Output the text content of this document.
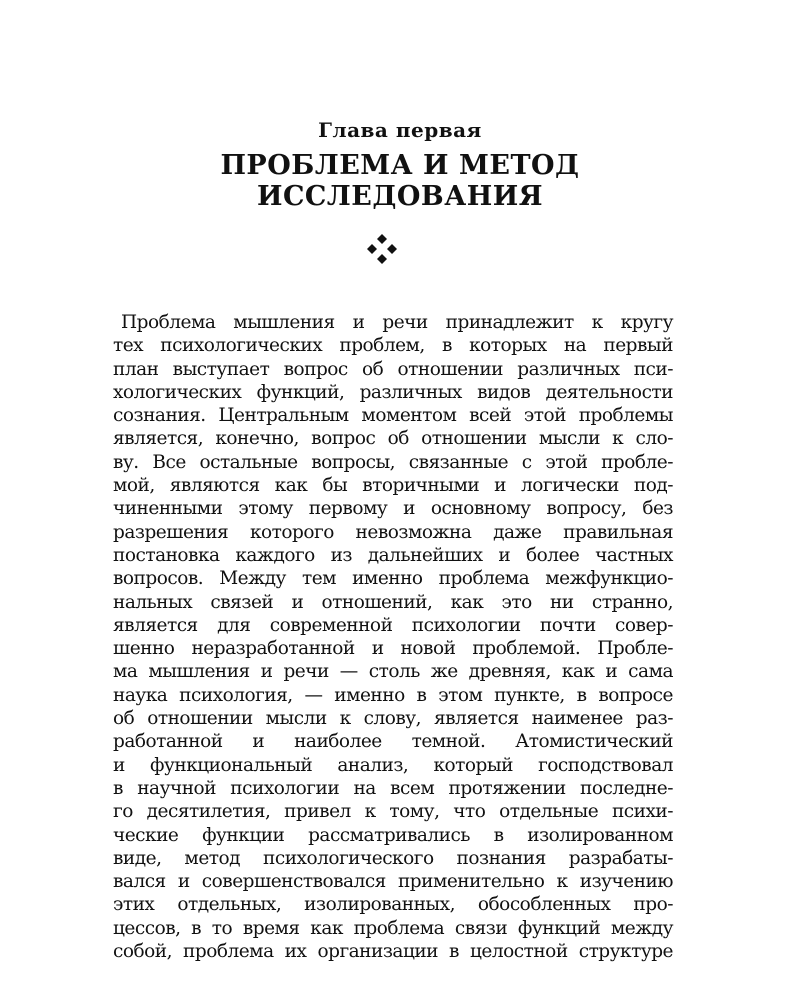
Глава первая
ПРОБЛЕМА И МЕТОД
ИССЛЕДОВАНИЯ
Проблема мышления и речи принадлежит к кругу
тех психологических проблем, в которых на первый
план выступает вопрос об отношении различных пси-
хологических функций, различных видов деятельности
сознания. Центральным моментом всей этой проблемы
является, конечно, вопрос об отношении мысли к сло-
ву. Все остальные вопросы, связанные с этой пробле-
мой, являются как бы вторичными и логически под-
чиненными этому первому и основному вопросу, без
разрешения которого невозможна даже правильная
постановка каждого из дальнейших и более частных
вопросов. Между тем именно проблема межфункцио-
нальных связей и отношений, как это ни странно,
является для современной психологии почти совер-
шенно неразработанной и новой проблемой. Пробле-
ма мышления и речи — столь же древняя, как и сама
наука психология, — именно в этом пункте, в вопросе
об отношении мысли к слову, является наименее раз-
работанной и наиболее темной. Атомистический
и функциональный анализ, который господствовал
в научной психологии на всем протяжении последне-
го десятилетия, привел к тому, что отдельные психи-
ческие функции рассматривались в изолированном
виде, метод психологического познания разрабаты-
вался и совершенствовался применительно к изучению
этих отдельных, изолированных, обособленных про-
цессов, в то время как проблема связи функций между
собой, проблема их организации в целостной структуре
